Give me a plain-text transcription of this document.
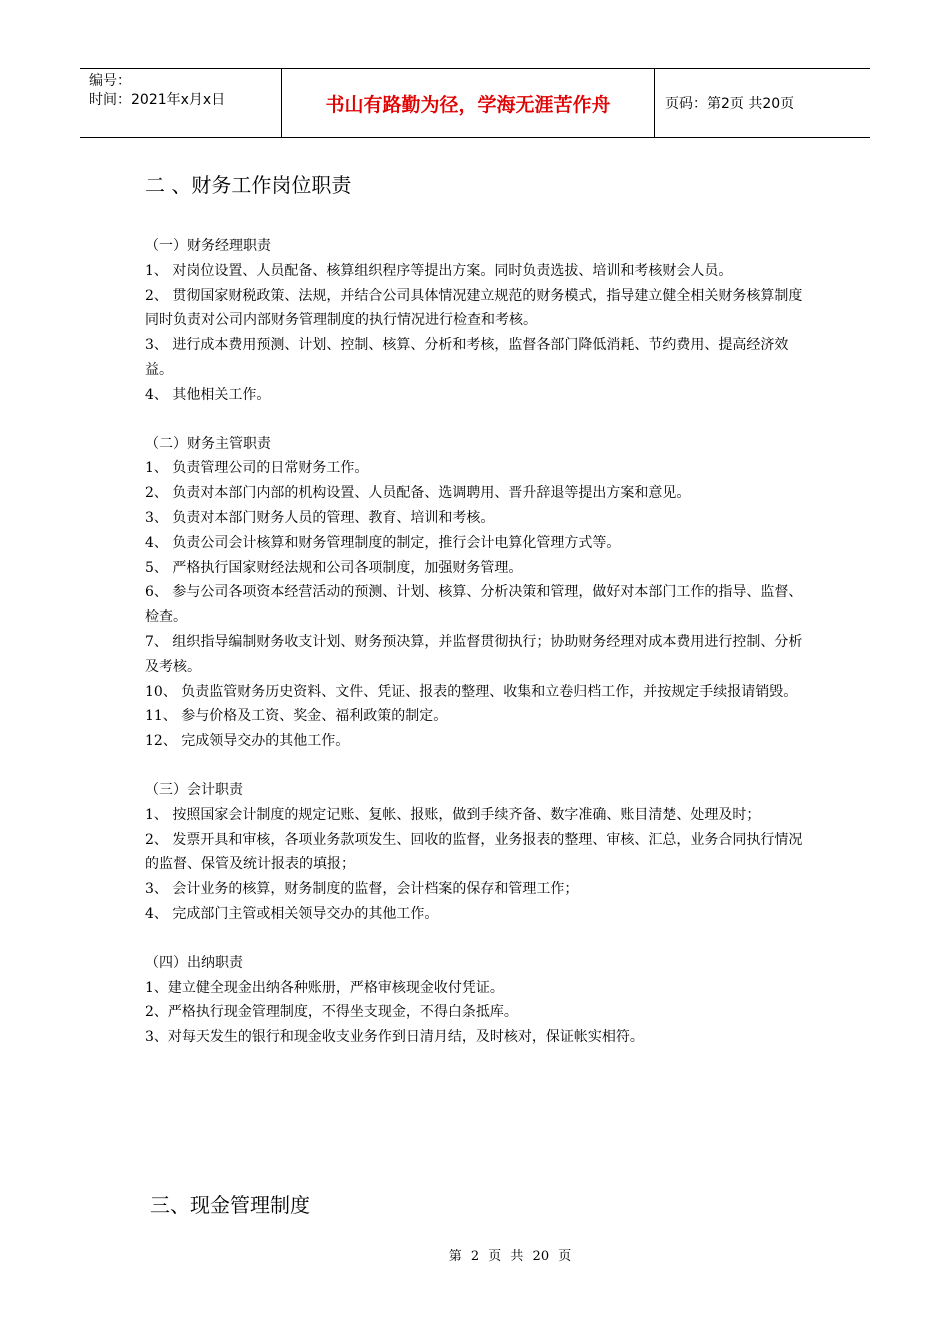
编号：
时间：2021年x月x日	书山有路勤为径，学海无涯苦作舟	页码：第2页 共20页
二 、财务工作岗位职责

（一）财务经理职责

1、 对岗位设置、人员配备、核算组织程序等提出方案。同时负责选拔、培训和考核财会人员。

2、 贯彻国家财税政策、法规，并结合公司具体情况建立规范的财务模式，指导建立健全相关财务核算制度同时负责对公司内部财务管理制度的执行情况进行检查和考核。

3、 进行成本费用预测、计划、控制、核算、分析和考核，监督各部门降低消耗、节约费用、提高经济效益。

4、 其他相关工作。

（二）财务主管职责

1、 负责管理公司的日常财务工作。

2、 负责对本部门内部的机构设置、人员配备、选调聘用、晋升辞退等提出方案和意见。

3、 负责对本部门财务人员的管理、教育、培训和考核。

4、 负责公司会计核算和财务管理制度的制定，推行会计电算化管理方式等。

5、 严格执行国家财经法规和公司各项制度，加强财务管理。

6、 参与公司各项资本经营活动的预测、计划、核算、分析决策和管理，做好对本部门工作的指导、监督、检查。

7、 组织指导编制财务收支计划、财务预决算，并监督贯彻执行；协助财务经理对成本费用进行控制、分析及考核。

10、 负责监管财务历史资料、文件、凭证、报表的整理、收集和立卷归档工作，并按规定手续报请销毁。

11、 参与价格及工资、奖金、福利政策的制定。

12、 完成领导交办的其他工作。

（三）会计职责

1、 按照国家会计制度的规定记账、复帐、报账，做到手续齐备、数字准确、账目清楚、处理及时；

2、 发票开具和审核，各项业务款项发生、回收的监督，业务报表的整理、审核、汇总，业务合同执行情况的监督、保管及统计报表的填报；

3、 会计业务的核算，财务制度的监督，会计档案的保存和管理工作；

4、 完成部门主管或相关领导交办的其他工作。

（四）出纳职责

1、建立健全现金出纳各种账册，严格审核现金收付凭证。

2、严格执行现金管理制度，不得坐支现金，不得白条抵库。

3、对每天发生的银行和现金收支业务作到日清月结，及时核对，保证帐实相符。

三、现金管理制度
第 2 页 共 20 页
